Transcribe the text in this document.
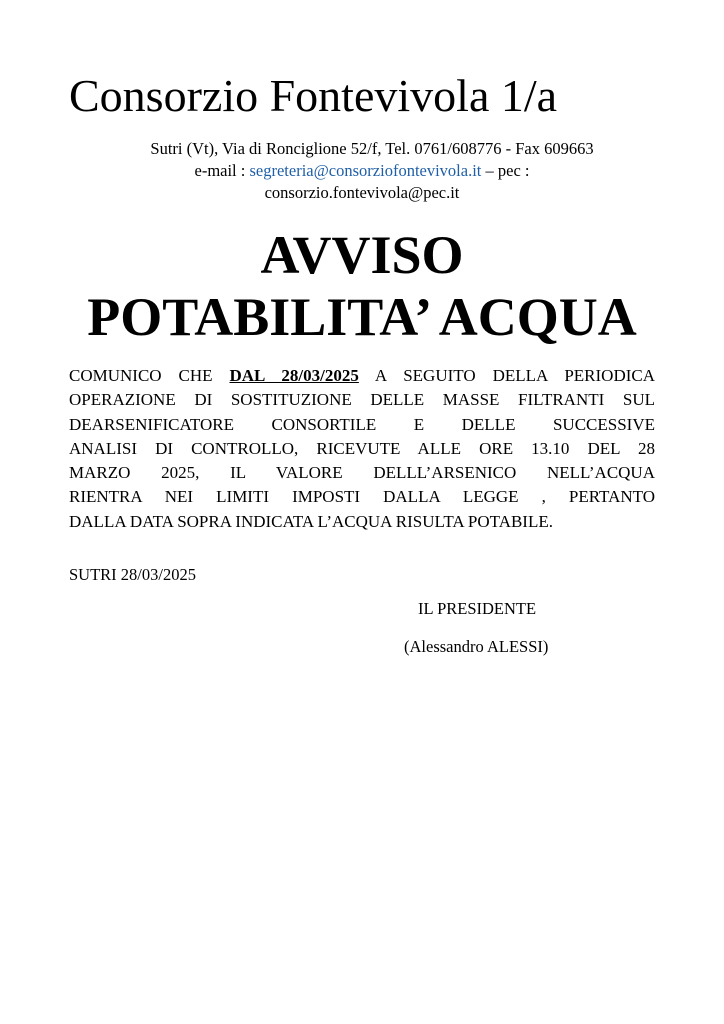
Consorzio Fontevivola 1/a
Sutri (Vt), Via di Ronciglione 52/f, Tel. 0761/608776 - Fax 609663
e-mail : segreteria@consorziofontevivola.it – pec :
consorzio.fontevivola@pec.it
AVVISO
POTABILITA’ ACQUA
COMUNICO CHE DAL 28/03/2025 A SEGUITO DELLA PERIODICA
OPERAZIONE DI SOSTITUZIONE DELLE MASSE FILTRANTI SUL
DEARSENIFICATORE CONSORTILE E DELLE SUCCESSIVE
ANALISI DI CONTROLLO, RICEVUTE ALLE ORE 13.10 DEL 28
MARZO 2025, IL VALORE DELLL’ARSENICO NELL’ACQUA
RIENTRA NEI LIMITI IMPOSTI DALLA LEGGE , PERTANTO
DALLA DATA SOPRA INDICATA L’ACQUA RISULTA POTABILE.
SUTRI 28/03/2025
IL PRESIDENTE
(Alessandro ALESSI)
